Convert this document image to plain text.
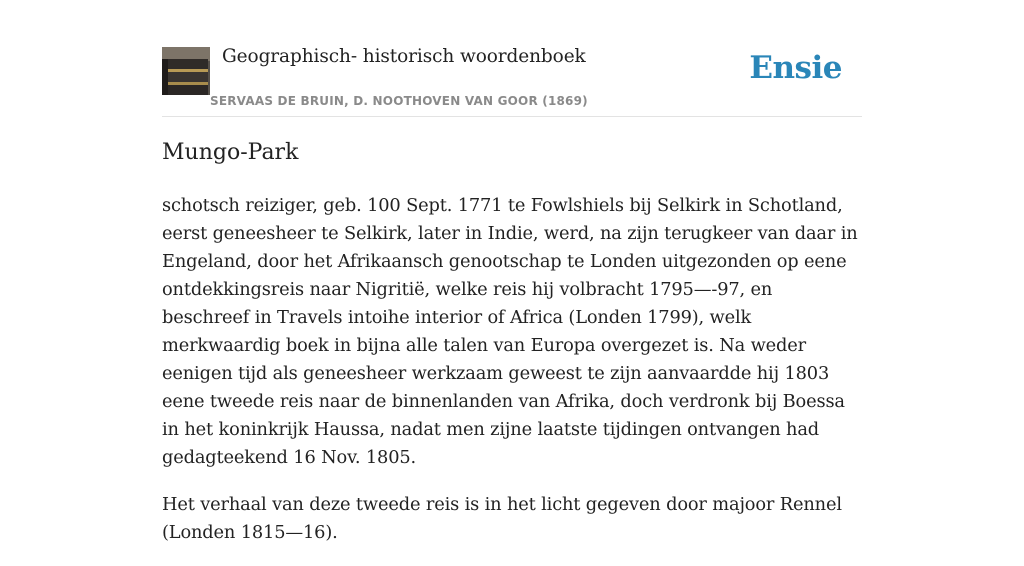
Geographisch- historisch woordenboek
SERVAAS DE BRUIN, D. NOOTHOVEN VAN GOOR (1869)
Ensie
Mungo-Park

schotsch reiziger, geb. 100 Sept. 1771 te Fowlshiels bij Selkirk in Schotland, eerst geneesheer te Selkirk, later in Indie, werd, na zijn terugkeer van daar in Engeland, door het Afrikaansch genootschap te Londen uitgezonden op eene ontdekkingsreis naar Nigritië, welke reis hij volbracht 1795—-97, en beschreef in Travels intoihe interior of Africa (Londen 1799), welk merkwaardig boek in bijna alle talen van Europa overgezet is. Na weder eenigen tijd als geneesheer werkzaam geweest te zijn aanvaardde hij 1803 eene tweede reis naar de binnenlanden van Afrika, doch verdronk bij Boessa in het koninkrijk Haussa, nadat men zijne laatste tijdingen ontvangen had gedagteekend 16 Nov. 1805.

Het verhaal van deze tweede reis is in het licht gegeven door majoor Rennel (Londen 1815—16).
